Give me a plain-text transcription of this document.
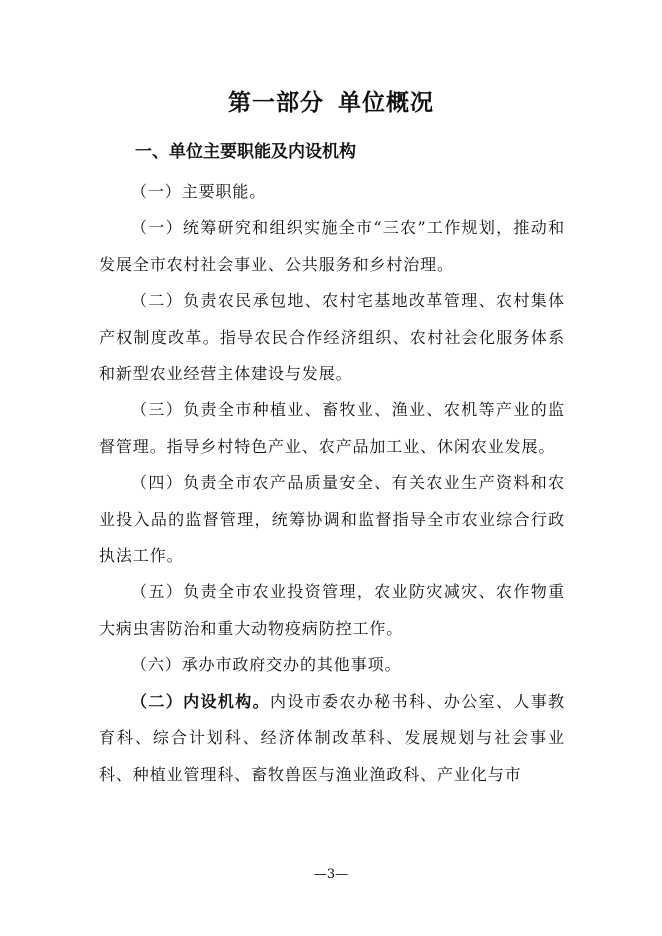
第一部分 单位概况
一、单位主要职能及内设机构

（一）主要职能。

（一）统筹研究和组织实施全市“三农”工作规划，推动和发展全市农村社会事业、公共服务和乡村治理。

（二）负责农民承包地、农村宅基地改革管理、农村集体产权制度改革。指导农民合作经济组织、农村社会化服务体系和新型农业经营主体建设与发展。

（三）负责全市种植业、畜牧业、渔业、农机等产业的监督管理。指导乡村特色产业、农产品加工业、休闲农业发展。

（四）负责全市农产品质量安全、有关农业生产资料和农业投入品的监督管理，统筹协调和监督指导全市农业综合行政执法工作。

（五）负责全市农业投资管理，农业防灾减灾、农作物重大病虫害防治和重大动物疫病防控工作。

（六）承办市政府交办的其他事项。

（二）内设机构。内设市委农办秘书科、办公室、人事教育科、综合计划科、经济体制改革科、发展规划与社会事业科、种植业管理科、畜牧兽医与渔业渔政科、产业化与市

—3—
